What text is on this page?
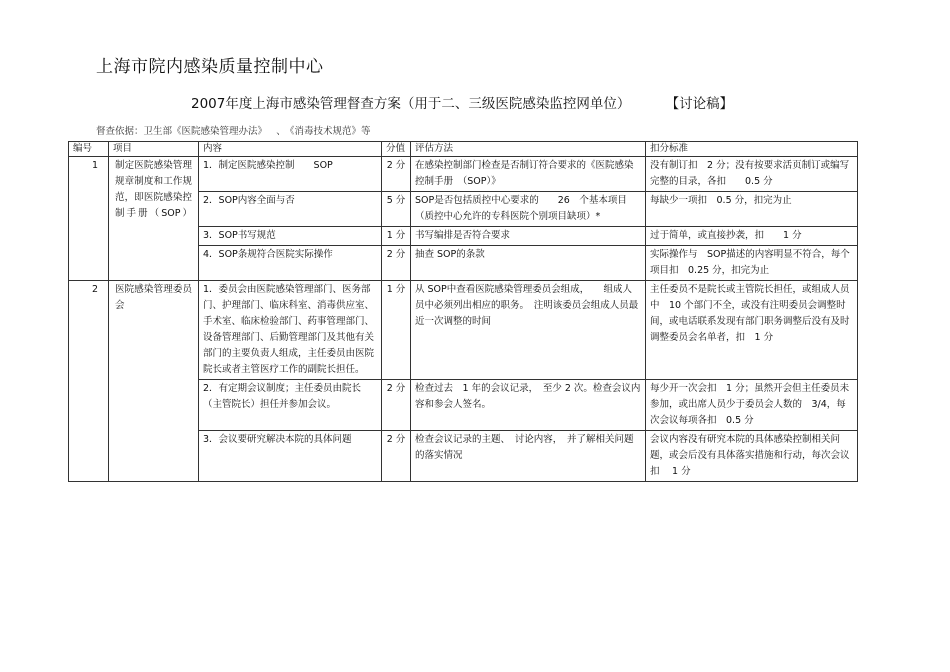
上海市院内感染质量控制中心
2007年度上海市感染管理督查方案（用于二、三级医院感染监控网单位）	【讨论稿】
督查依据：卫生部《医院感染管理办法》 、 《消毒技术规范》等
编号	项目	内容	分值	评估方法	扣分标准
1	制定医院感染管理规章制度和工作规范，即医院感染控制手册（SOP）	1．制定医院感染控制　　SOP	2 分	在感染控制部门检查是否制订符合要求的《医院感染控制手册　（SOP）》	没有制订扣　2 分；没有按要求活页制订或编写完整的目录，各扣　　0.5 分
		2．SOP内容全面与否	5 分	SOP是否包括质控中心要求的　　26　个基本项目（质控中心允许的专科医院个别项目缺项）*	每缺少一项扣　0.5 分，扣完为止
		3．SOP书写规范	1 分	书写编排是否符合要求	过于简单，或直接抄袭，扣　　1 分
		4．SOP条规符合医院实际操作	2 分	抽查 SOP的条款	实际操作与　SOP描述的内容明显不符合，每个项目扣　0.25 分，扣完为止
2	医院感染管理委员会	1．委员会由医院感染管理部门、医务部门、护理部门、临床科室、消毒供应室、手术室、临床检验部门、药事管理部门、设备管理部门、后勤管理部门及其他有关部门的主要负责人组成，主任委员由医院院长或者主管医疗工作的副院长担任。	1 分	从 SOP中查看医院感染管理委员会组成，　　组成人员中必须列出相应的职务。　注明该委员会组成人员最近一次调整的时间	主任委员不是院长或主管院长担任，或组成人员中　10 个部门不全，或没有注明委员会调整时间，或电话联系发现有部门职务调整后没有及时调整委员会名单者，扣　1 分
		2．有定期会议制度；主任委员由院长（主管院长）担任并参加会议。	2 分	检查过去　1 年的会议记录，　至少 2 次。检查会议内容和参会人签名。	每少开一次会扣　1 分；虽然开会但主任委员未参加，或出席人员少于委员会人数的　3/4，每次会议每项各扣　0.5 分
		3．会议要研究解决本院的具体问题	2 分	检查会议记录的主题、　讨论内容，　并了解相关问题的落实情况	会议内容没有研究本院的具体感染控制相关问题，或会后没有具体落实措施和行动，每次会议扣　 1 分
